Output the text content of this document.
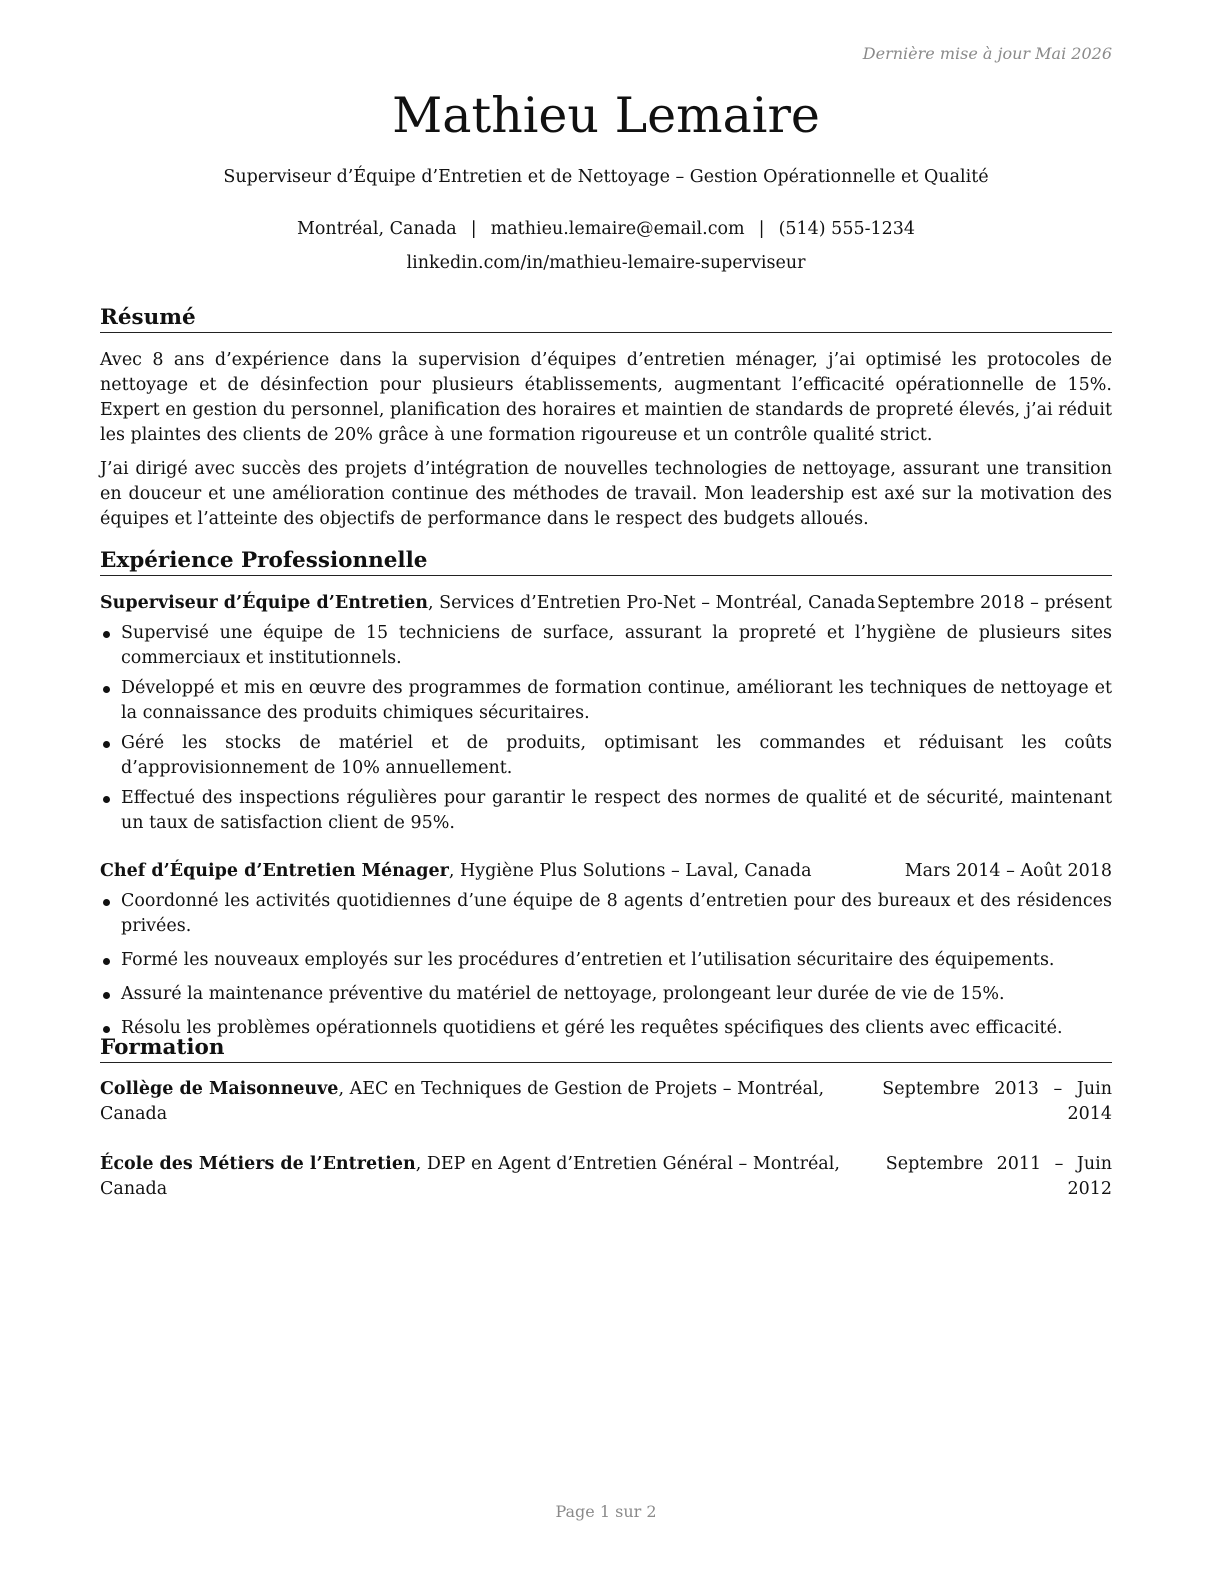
Dernière mise à jour Mai 2026
Mathieu Lemaire
Superviseur d’Équipe d’Entretien et de Nettoyage – Gestion Opérationnelle et Qualité
Montréal, Canada | mathieu.lemaire@email.com | (514) 555-1234
linkedin.com/in/mathieu-lemaire-superviseur
Résumé

Avec 8 ans d’expérience dans la supervision d’équipes d’entretien ménager, j’ai optimisé les protocoles de nettoyage et de désinfection pour plusieurs établissements, augmentant l’efficacité opérationnelle de 15%. Expert en gestion du personnel, planification des horaires et maintien de standards de propreté élevés, j’ai réduit les plaintes des clients de 20% grâce à une formation rigoureuse et un contrôle qualité strict.

J’ai dirigé avec succès des projets d’intégration de nouvelles technologies de nettoyage, assurant une transition en douceur et une amélioration continue des méthodes de travail. Mon leadership est axé sur la motivation des équipes et l’atteinte des objectifs de performance dans le respect des budgets alloués.

Expérience Professionnelle
Superviseur d’Équipe d’Entretien, Services d’Entretien Pro-Net – Montréal, Canada Septembre 2018 – présent
Supervisé une équipe de 15 techniciens de surface, assurant la propreté et l’hygiène de plusieurs sites commerciaux et institutionnels.
Développé et mis en œuvre des programmes de formation continue, améliorant les techniques de nettoyage et la connaissance des produits chimiques sécuritaires.
Géré les stocks de matériel et de produits, optimisant les commandes et réduisant les coûts d’approvisionnement de 10% annuellement.
Effectué des inspections régulières pour garantir le respect des normes de qualité et de sécurité, maintenant un taux de satisfaction client de 95%.
Chef d’Équipe d’Entretien Ménager, Hygiène Plus Solutions – Laval, Canada	Mars 2014 – Août 2018
Coordonné les activités quotidiennes d’une équipe de 8 agents d’entretien pour des bureaux et des résidences privées.
Formé les nouveaux employés sur les procédures d’entretien et l’utilisation sécuritaire des équipements.
Assuré la maintenance préventive du matériel de nettoyage, prolongeant leur durée de vie de 15%.
Résolu les problèmes opérationnels quotidiens et géré les requêtes spécifiques des clients avec efficacité.
Formation
Collège de Maisonneuve, AEC en Techniques de Gestion de Projets – Montréal, Canada
Septembre 2013 – Juin 2014
École des Métiers de l’Entretien, DEP en Agent d’Entretien Général – Montréal, Canada
Septembre 2011 – Juin 2012
Page 1 sur 2
